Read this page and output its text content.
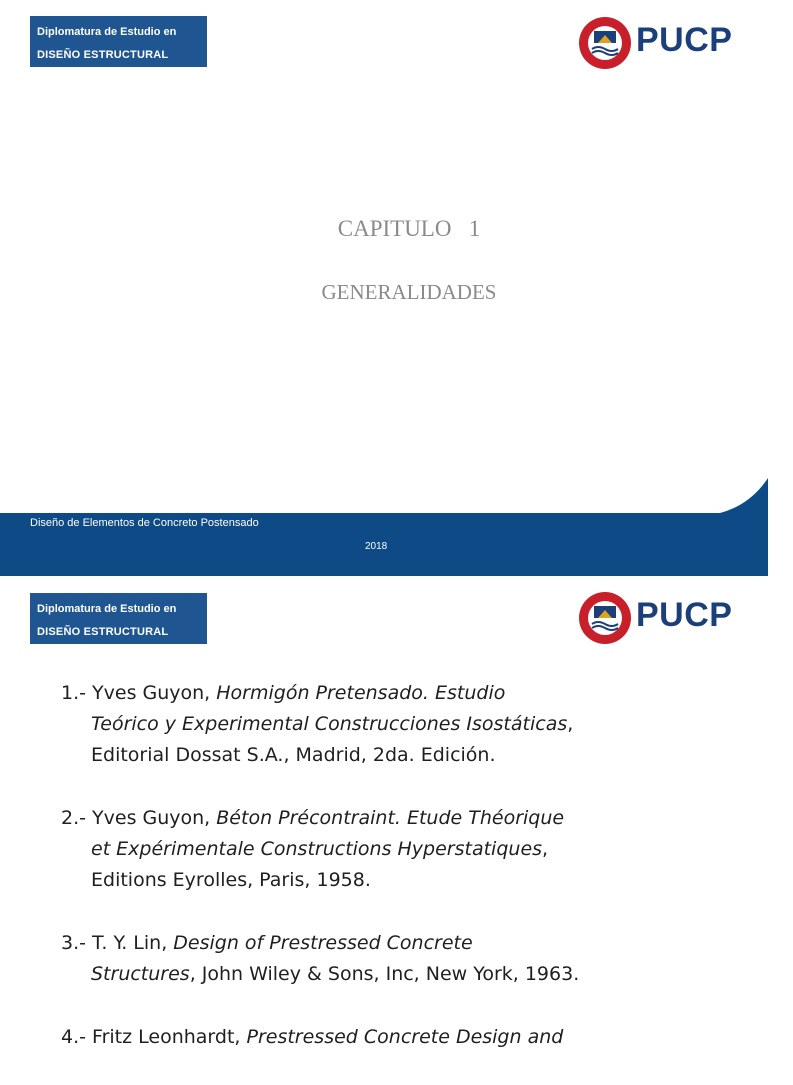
Diplomatura de Estudio en
DISEÑO ESTRUCTURAL	PUCP
CAPITULO   1
GENERALIDADES
Diseño de Elementos de Concreto Postensado
2018
Diplomatura de Estudio en
DISEÑO ESTRUCTURAL	PUCP
1.- Yves Guyon, Hormigón Pretensado. Estudio
Teórico y Experimental Construcciones Isostáticas,
Editorial Dossat S.A., Madrid, 2da. Edición.
2.- Yves Guyon, Béton Précontraint. Etude Théorique
et Expérimentale Constructions Hyperstatiques,
Editions Eyrolles, Paris, 1958.
3.- T. Y. Lin, Design of Prestressed Concrete
Structures, John Wiley & Sons, Inc, New York, 1963.
4.- Fritz Leonhardt, Prestressed Concrete Design and
